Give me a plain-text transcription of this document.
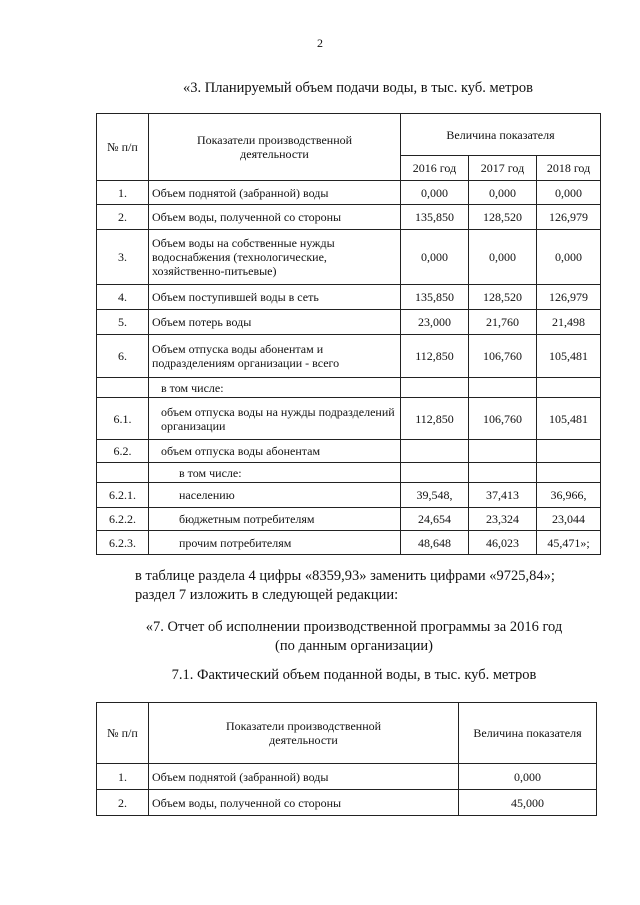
2
«3. Планируемый объем подачи воды, в тыс. куб. метров
№ п/п	Показатели производственной деятельности	Величина показателя		
		2016 год	2017 год	2018 год
1.	Объем поднятой (забранной) воды	0,000	0,000	0,000
2.	Объем воды, полученной со стороны	135,850	128,520	126,979
3.	Объем воды на собственные нужды водоснабжения (технологические, хозяйственно-питьевые)	0,000	0,000	0,000
4.	Объем поступившей воды в сеть	135,850	128,520	126,979
5.	Объем потерь воды	23,000	21,760	21,498
6.	Объем отпуска воды абонентам и подразделениям организации - всего	112,850	106,760	105,481
	в том числе:			
6.1.	объем отпуска воды на нужды подразделений организации	112,850	106,760	105,481
6.2.	объем отпуска воды абонентам			
	в том числе:			
6.2.1.	населению	39,548,	37,413	36,966,
6.2.2.	бюджетным потребителям	24,654	23,324	23,044
6.2.3.	прочим потребителям	48,648	46,023	45,471»;
в таблице раздела 4 цифры «8359,93» заменить цифрами «9725,84»;
раздел 7 изложить в следующей редакции:
«7. Отчет об исполнении производственной программы за 2016 год
(по данным организации)
7.1. Фактический объем поданной воды, в тыс. куб. метров
№ п/п	Показатели производственной деятельности	Величина показателя
1.	Объем поднятой (забранной) воды	0,000
2.	Объем воды, полученной со стороны	45,000
